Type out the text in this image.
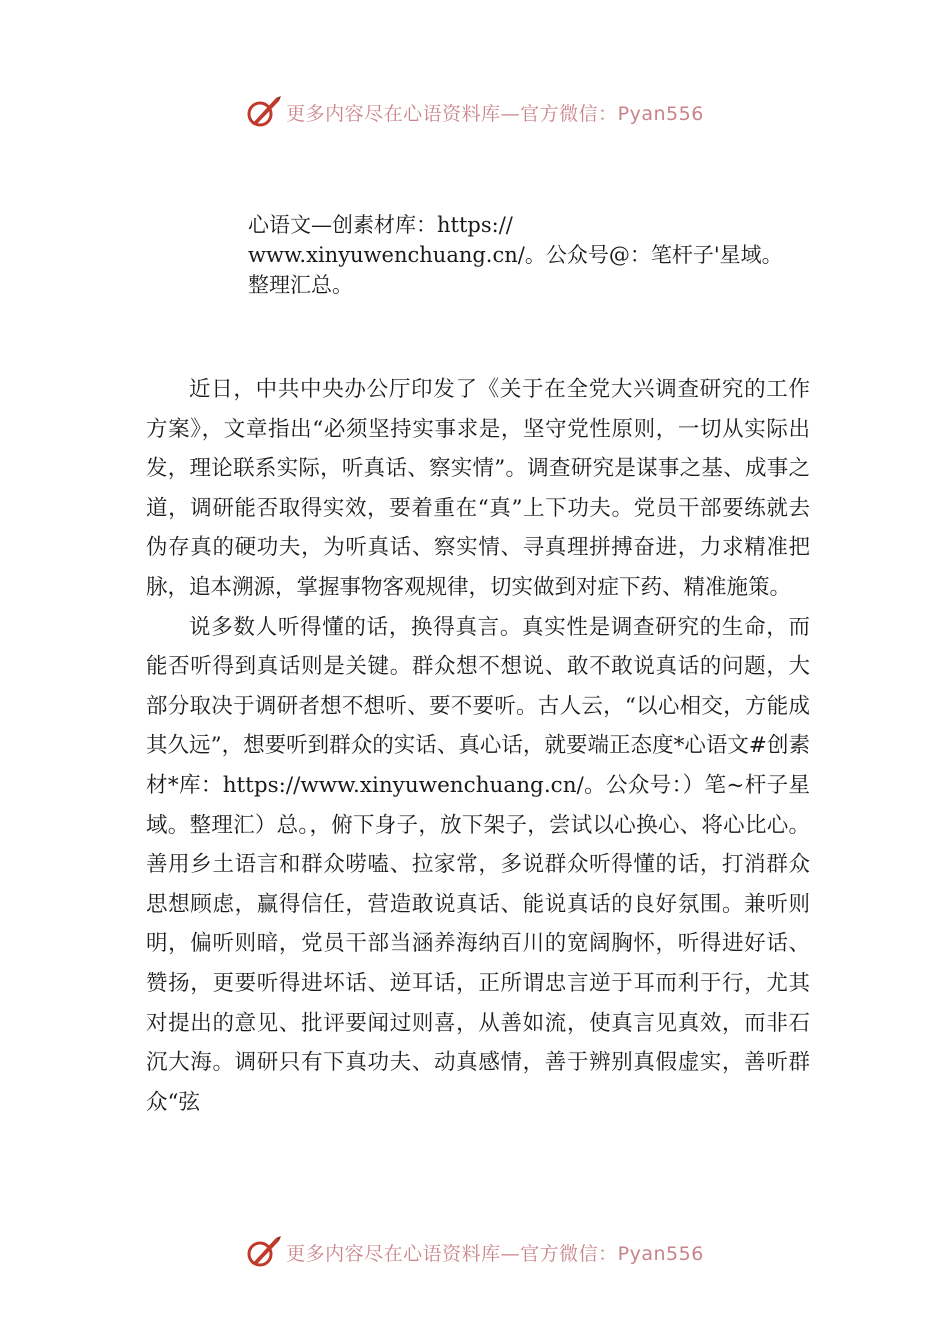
更多内容尽在心语资料库—官方微信：Pyan556
心语文—创素材库：https://
www.xinyuwenchuang.cn/。公众号@：笔杆子'星域。
整理汇总。

近日，中共中央办公厅印发了《关于在全党大兴调查研究的工作方案》，文章指出“必须坚持实事求是，坚守党性原则，一切从实际出发，理论联系实际，听真话、察实情”。调查研究是谋事之基、成事之道，调研能否取得实效，要着重在“真”上下功夫。党员干部要练就去伪存真的硬功夫，为听真话、察实情、寻真理拼搏奋进，力求精准把脉，追本溯源，掌握事物客观规律，切实做到对症下药、精准施策。

说多数人听得懂的话，换得真言。真实性是调查研究的生命，而能否听得到真话则是关键。群众想不想说、敢不敢说真话的问题，大部分取决于调研者想不想听、要不要听。古人云，“以心相交，方能成其久远”，想要听到群众的实话、真心话，就要端正态度*心语文#创素材*库：https://www.xinyuwenchuang.cn/。公众号：）笔~杆子星域。整理汇）总。，俯下身子，放下架子，尝试以心换心、将心比心。善用乡土语言和群众唠嗑、拉家常，多说群众听得懂的话，打消群众思想顾虑，赢得信任，营造敢说真话、能说真话的良好氛围。兼听则明，偏听则暗，党员干部当涵养海纳百川的宽阔胸怀，听得进好话、赞扬，更要听得进坏话、逆耳话，正所谓忠言逆于耳而利于行，尤其对提出的意见、批评要闻过则喜，从善如流，使真言见真效，而非石沉大海。调研只有下真功夫、动真感情，善于辨别真假虚实，善听群众“弦

更多内容尽在心语资料库—官方微信：Pyan556
